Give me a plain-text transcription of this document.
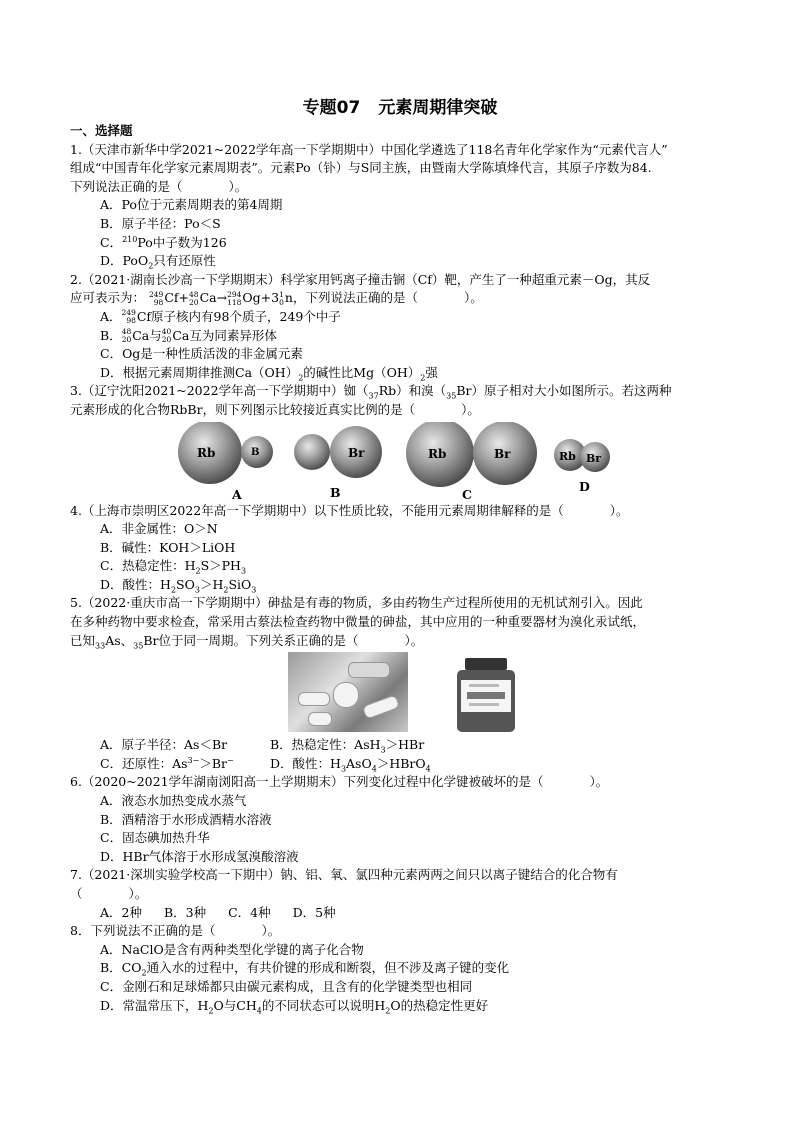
专题07 元素周期律突破
一、选择题
1.（天津市新华中学2021~2022学年高一下学期期中）中国化学遴选了118名青年化学家作为“元素代言人”
组成“中国青年化学家元素周期表”。元素Po（钋）与S同主族，由暨南大学陈填烽代言，其原子序数为84.
下列说法正确的是（	）。
A．Po位于元素周期表的第4周期
B．原子半径：Po＜S
C．$^{210}$Po中子数为126
D．PoO$_2$只有还原性
2.（2021·湖南长沙高一下学期期末）科学家用钙离子撞击锎（Cf）靶，产生了一种超重元素－Og，其反
应可表示为： 249
98 Cf+ 48
20 Ca→ 294
118 Og+3 1
0 n，下列说法正确的是（	）。
A． 249
98 Cf原子核内有98个质子，249个中子
B． 48
20 Ca与 40
20 Ca互为同素异形体
C．Og是一种性质活泼的非金属元素
D．根据元素周期律推测$Ca(OH)_2$的碱性比$Mg(OH)_2$强
3.（辽宁沈阳2021~2022学年高一下学期期中）铷$(_{37}Rb)$和溴$(_{35}Br)$原子相对大小如图所示。若这两种
元素形成的化合物RbBr，则下列图示比较接近真实比例的是（	）。
Rb	B	Br	Rb	Br	Rb Br
A	B	C
D
4.（上海市崇明区2022年高一下学期期中）以下性质比较，不能用元素周期律解释的是（	）。
A．非金属性：O＞N
B．碱性：KOH＞LiOH
C．热稳定性：$H_2S>PH_3$
D．酸性：$H_2SO_3>H_2SiO_3$
5.（2022·重庆市高一下学期期中）砷盐是有毒的物质，多由药物生产过程所使用的无机试剂引入。因此
在多种药物中要求检查，常采用古蔡法检查药物中微量的砷盐，其中应用的一种重要器材为溴化汞试纸，
已知$_{33}$As、$_{35}$Br位于同一周期。下列关系正确的是（	）。
A．原子半径：As＜Br	B．热稳定性：AsH$_3$＞HBr
C．还原性：$As^{3-}>Br^-$	D．酸性：$H_3AsO_4>HBrO_4$
6.（2020~2021学年湖南浏阳高一上学期期末）下列变化过程中化学键被破坏的是（	）。
A．液态水加热变成水蒸气
B．酒精溶于水形成酒精水溶液
C．固态碘加热升华
D．HBr气体溶于水形成氢溴酸溶液
7.（2021·深圳实验学校高一下期中）钠、铝、氧、氯四种元素两两之间只以离子键结合的化合物有
（	）。
A．2种 B．3种 C．4种 D．5种
8．下列说法不正确的是（	）。
A．NaClO是含有两种类型化学键的离子化合物
B．$CO_2$通入水的过程中，有共价键的形成和断裂，但不涉及离子键的变化
C．金刚石和足球烯都只由碳元素构成，且含有的化学键类型也相同
D．常温常压下，$H_2O$与$CH_4$的不同状态可以说明$H_2O$的热稳定性更好
